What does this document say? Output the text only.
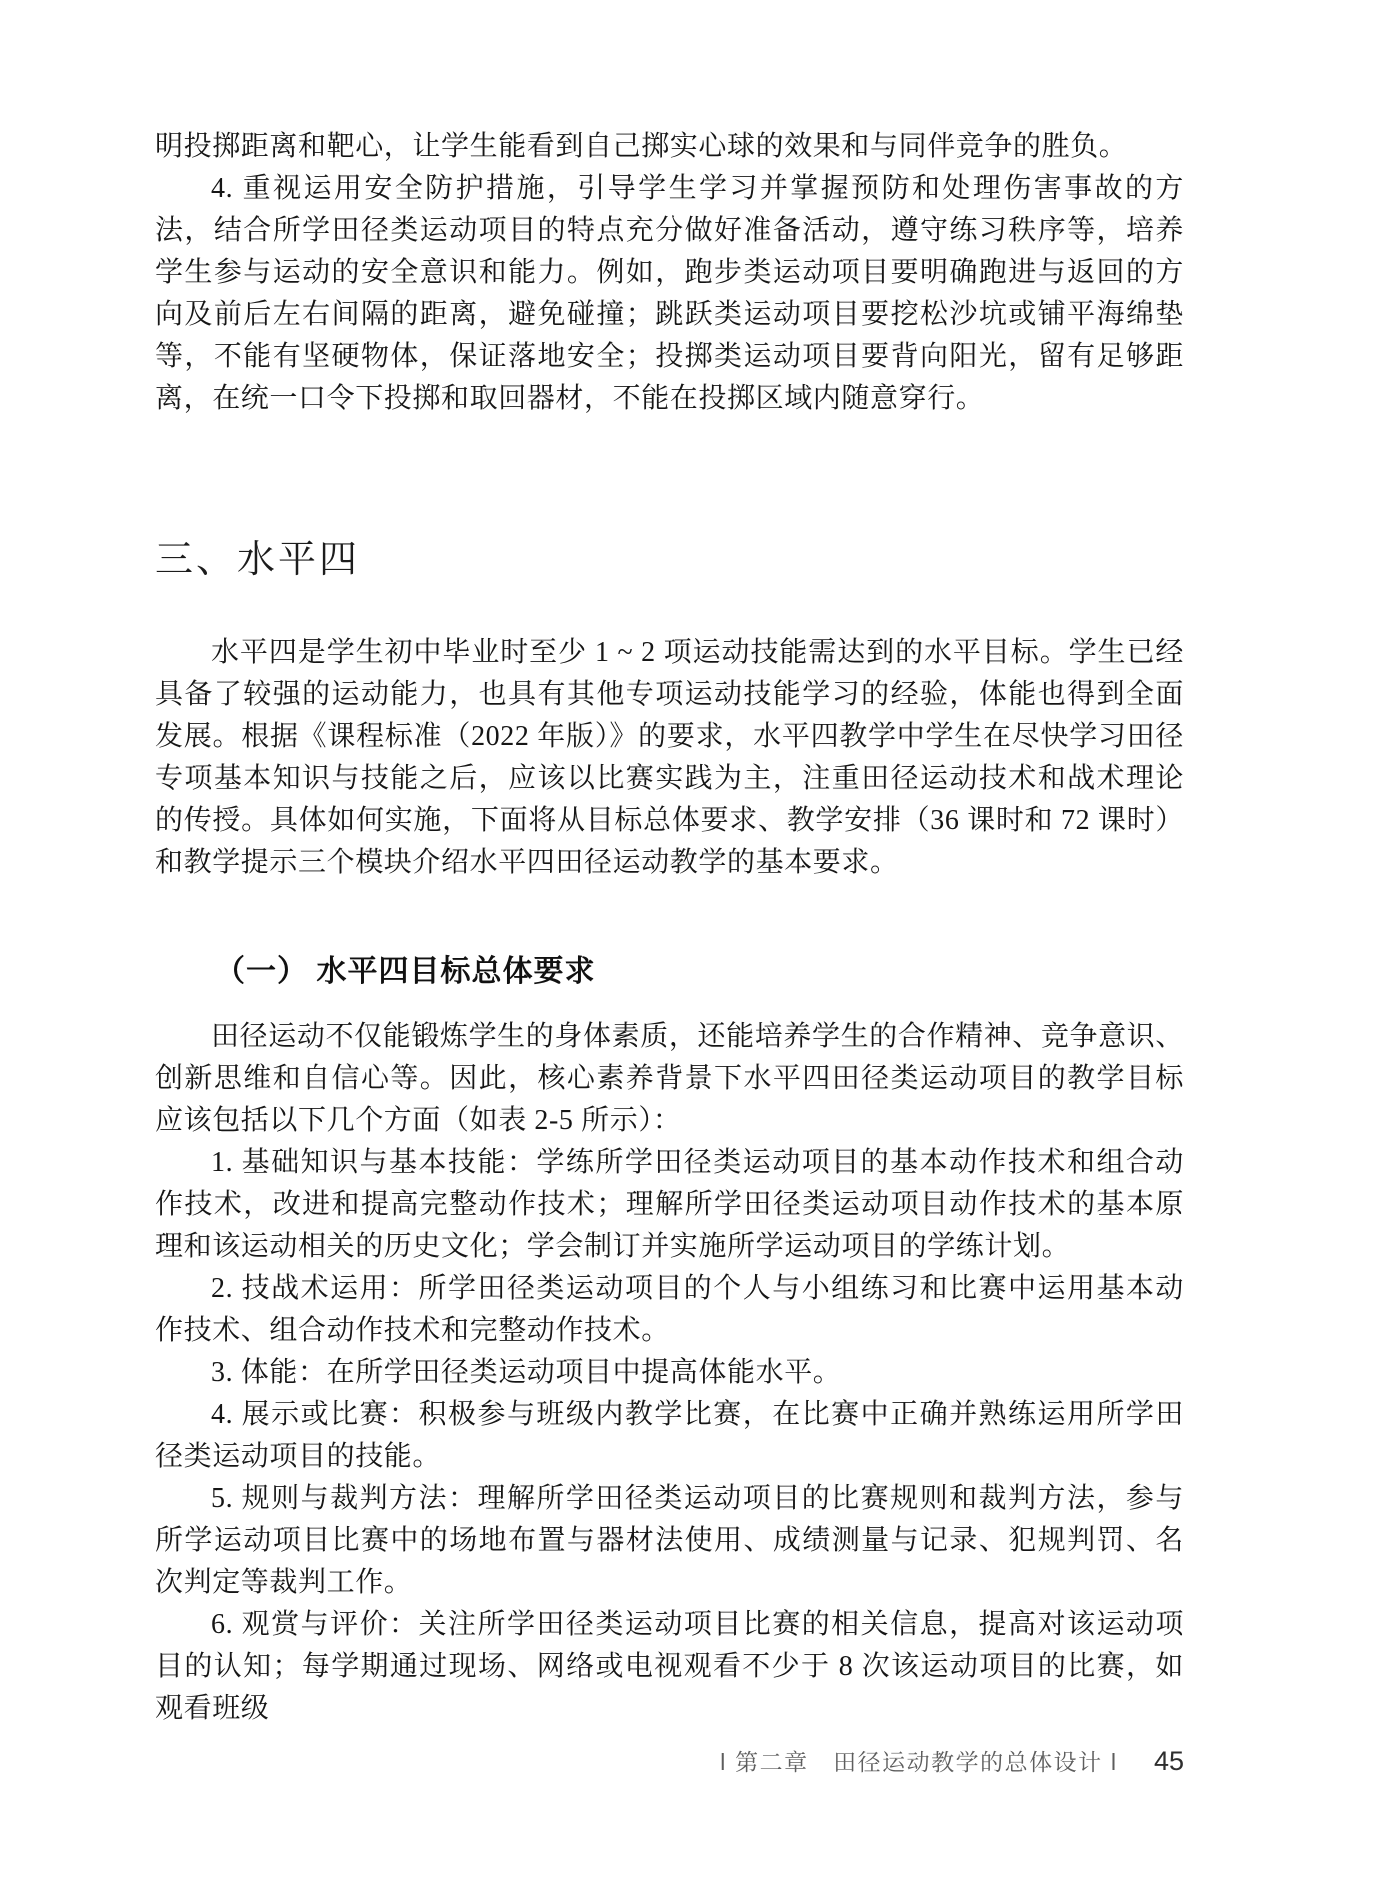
明投掷距离和靶心，让学生能看到自己掷实心球的效果和与同伴竞争的胜负。

4. 重视运用安全防护措施，引导学生学习并掌握预防和处理伤害事故的方法，结合所学田径类运动项目的特点充分做好准备活动，遵守练习秩序等，培养学生参与运动的安全意识和能力。例如，跑步类运动项目要明确跑进与返回的方向及前后左右间隔的距离，避免碰撞；跳跃类运动项目要挖松沙坑或铺平海绵垫等，不能有坚硬物体，保证落地安全；投掷类运动项目要背向阳光，留有足够距离，在统一口令下投掷和取回器材，不能在投掷区域内随意穿行。

三、水平四

水平四是学生初中毕业时至少 1 ~ 2 项运动技能需达到的水平目标。学生已经具备了较强的运动能力，也具有其他专项运动技能学习的经验，体能也得到全面发展。根据《课程标准（2022 年版）》的要求，水平四教学中学生在尽快学习田径专项基本知识与技能之后，应该以比赛实践为主，注重田径运动技术和战术理论的传授。具体如何实施，下面将从目标总体要求、教学安排（36 课时和 72 课时）和教学提示三个模块介绍水平四田径运动教学的基本要求。

（一） 水平四目标总体要求

田径运动不仅能锻炼学生的身体素质，还能培养学生的合作精神、竞争意识、创新思维和自信心等。因此，核心素养背景下水平四田径类运动项目的教学目标应该包括以下几个方面（如表 2-5 所示）：

1. 基础知识与基本技能：学练所学田径类运动项目的基本动作技术和组合动作技术，改进和提高完整动作技术；理解所学田径类运动项目动作技术的基本原理和该运动相关的历史文化；学会制订并实施所学运动项目的学练计划。

2. 技战术运用：所学田径类运动项目的个人与小组练习和比赛中运用基本动作技术、组合动作技术和完整动作技术。

3. 体能：在所学田径类运动项目中提高体能水平。

4. 展示或比赛：积极参与班级内教学比赛，在比赛中正确并熟练运用所学田径类运动项目的技能。

5. 规则与裁判方法：理解所学田径类运动项目的比赛规则和裁判方法，参与所学运动项目比赛中的场地布置与器材法使用、成绩测量与记录、犯规判罚、名次判定等裁判工作。

6. 观赏与评价：关注所学田径类运动项目比赛的相关信息，提高对该运动项目的认知；每学期通过现场、网络或电视观看不少于 8 次该运动项目的比赛，如观看班级

ǀ 第二章　田径运动教学的总体设计 ǀ 45
